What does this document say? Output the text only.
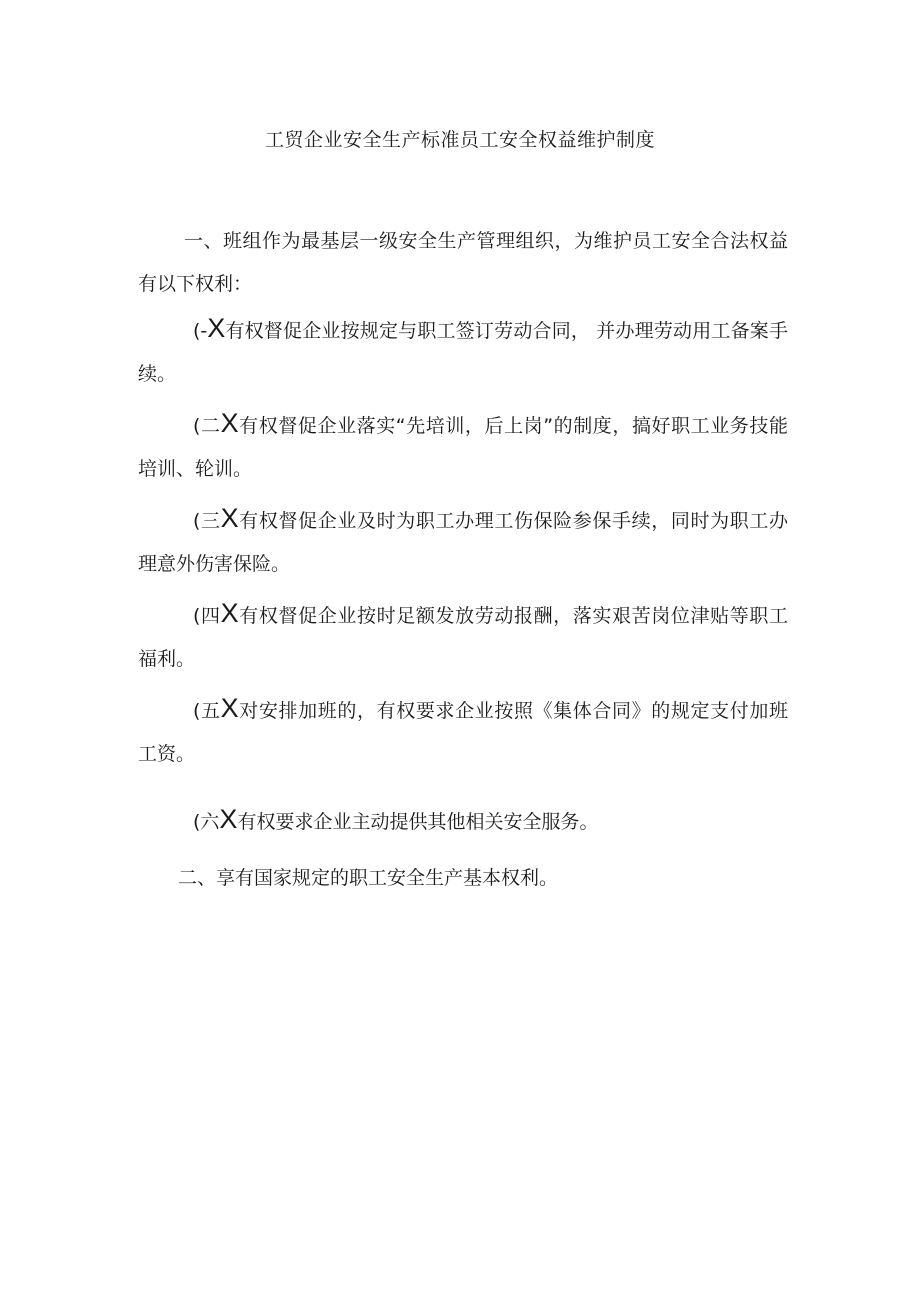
工贸企业安全生产标准员工安全权益维护制度

一、班组作为最基层一级安全生产管理组织，为维护员工安全合法权益有以下权利：

(-X有权督促企业按规定与职工签订劳动合同， 并办理劳动用工备案手续。

(二X有权督促企业落实“先培训，后上岗”的制度，搞好职工业务技能培训、轮训。

(三X有权督促企业及时为职工办理工伤保险参保手续，同时为职工办理意外伤害保险。

(四X有权督促企业按时足额发放劳动报酬，落实艰苦岗位津贴等职工福利。

(五X对安排加班的，有权要求企业按照《集体合同》的规定支付加班工资。

(六X有权要求企业主动提供其他相关安全服务。

二、享有国家规定的职工安全生产基本权利。
